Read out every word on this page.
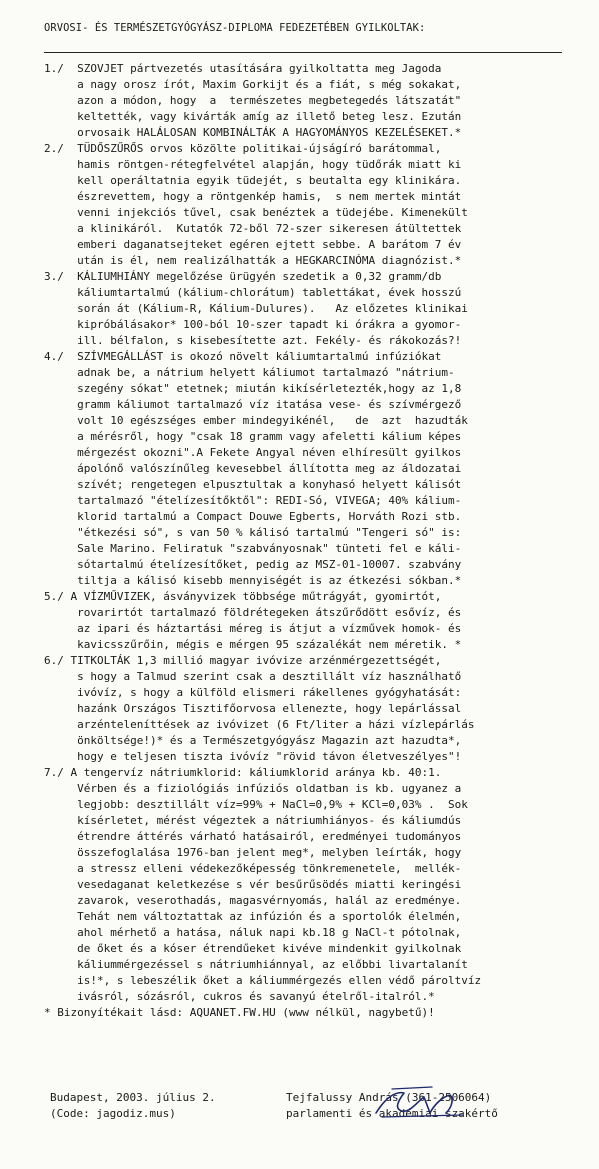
ORVOSI- ÉS TERMÉSZETGYÓGYÁSZ-DIPLOMA FEDEZETÉBEN GYILKOLTAK:
1./  SZOVJET pártvezetés utasítására gyilkoltatta meg Jagoda
a nagy orosz írót, Maxim Gorkijt és a fiát, s még sokakat,
azon a módon, hogy  a  természetes megbetegedés látszatát"
keltették, vagy kivárták amíg az illető beteg lesz. Ezután
orvosaik HALÁLOSAN KOMBINÁLTÁK A HAGYOMÁNYOS KEZELÉSEKET.*
2./  TÜDŐSZŰRŐS orvos közölte politikai-újságíró barátommal,
hamis röntgen-rétegfelvétel alapján, hogy tüdőrák miatt ki
kell operáltatnia egyik tüdejét, s beutalta egy klinikára.
észrevettem, hogy a röntgenkép hamis,  s nem mertek mintát
venni injekciós tűvel, csak benéztek a tüdejébe. Kimenekült
a klinikáról.  Kutatók 72-ből 72-szer sikeresen átültettek
emberi daganatsejteket egéren ejtett sebbe. A barátom 7 év
után is él, nem realizálhatták a HEGKARCINÓMA diagnózist.*
3./  KÁLIUMHIÁNY megelőzése ürügyén szedetik a 0,32 gramm/db
káliumtartalmú (kálium-chlorátum) tablettákat, évek hosszú
során át (Kálium-R, Kálium-Dulures).   Az előzetes klinikai
kipróbálásakor* 100-ból 10-szer tapadt ki órákra a gyomor-
ill. bélfalon, s kisebesítette azt. Fekély- és rákokozás?!
4./  SZÍVMEGÁLLÁST is okozó növelt káliumtartalmú infúziókat
adnak be, a nátrium helyett káliumot tartalmazó "nátrium-
szegény sókat" etetnek; miután kikísérletezték,hogy az 1,8
gramm káliumot tartalmazó víz itatása vese- és szívmérgező
volt 10 egészséges ember mindegyikénél,   de  azt  hazudták
a mérésről, hogy "csak 18 gramm vagy afeletti kálium képes
mérgezést okozni".A Fekete Angyal néven elhíresült gyilkos
ápolónő valószínűleg kevesebbel állította meg az áldozatai
szívét; rengetegen elpusztultak a konyhasó helyett kálisót
tartalmazó "ételízesítőktől": REDI-Só, VIVEGA; 40% kálium-
klorid tartalmú a Compact Douwe Egberts, Horváth Rozi stb.
"étkezési só", s van 50 % kálisó tartalmú "Tengeri só" is:
Sale Marino. Feliratuk "szabványosnak" tünteti fel e káli-
sótartalmú ételízesítőket, pedig az MSZ-01-10007. szabvány
tiltja a kálisó kisebb mennyiségét is az étkezési sókban.*
5./ A VÍZMŰVIZEK, ásványvizek többsége műtrágyát, gyomirtót,
rovarirtót tartalmazó földrétegeken átszűrődött esővíz, és
az ipari és háztartási méreg is átjut a vízművek homok- és
kavicsszűrőin, mégis e mérgen 95 százalékát nem méretik. *
6./ TITKOLTÁK 1,3 millió magyar ivóvize arzénmérgezettségét,
s hogy a Talmud szerint csak a desztillált víz használhatő
ivóvíz, s hogy a külföld elismeri rákellenes gyógyhatását:
hazánk Országos Tisztifőorvosa ellenezte, hogy lepárlással
arzénteleníttések az ivóvizet (6 Ft/liter a házi vízlepárlás
önköltsége!)* és a Természetgyógyász Magazin azt hazudta*,
hogy e teljesen tiszta ivóvíz "rövid távon életveszélyes"!
7./ A tengervíz nátriumklorid: káliumklorid aránya kb. 40:1.
Vérben és a fiziológiás infúziós oldatban is kb. ugyanez a
legjobb: desztillált víz=99% + NaCl=0,9% + KCl=0,03% .  Sok
kísérletet, mérést végeztek a nátriumhiányos- és káliumdús
étrendre áttérés várható hatásairól, eredményei tudományos
összefoglalása 1976-ban jelent meg*, melyben leírták, hogy
a stressz elleni védekezőképesség tönkremenetele,  mellék-
vesedaganat keletkezése s vér besűrűsödés miatti keringési
zavarok, veserothadás, magasvérnyomás, halál az eredménye.
Tehát nem változtattak az infúzión és a sportolók élelmén,
ahol mérhető a hatása, náluk napi kb.18 g NaCl-t pótolnak,
de őket és a kóser étrendűeket kivéve mindenkit gyilkolnak
káliummérgezéssel s nátriumhiánnyal, az előbbi livartalanít
is!*, s lebeszélik őket a káliummérgezés ellen védő pároltvíz
ivásról, sózásról, cukros és savanyú ételről-italról.*
* Bizonyítékait lásd: AQUANET.FW.HU (www nélkül, nagybetű)!
Budapest, 2003. július 2.
(Code: jagodiz.mus)
Tejfalussy András (361-2506064)
parlamenti és akadémiai szakértő
